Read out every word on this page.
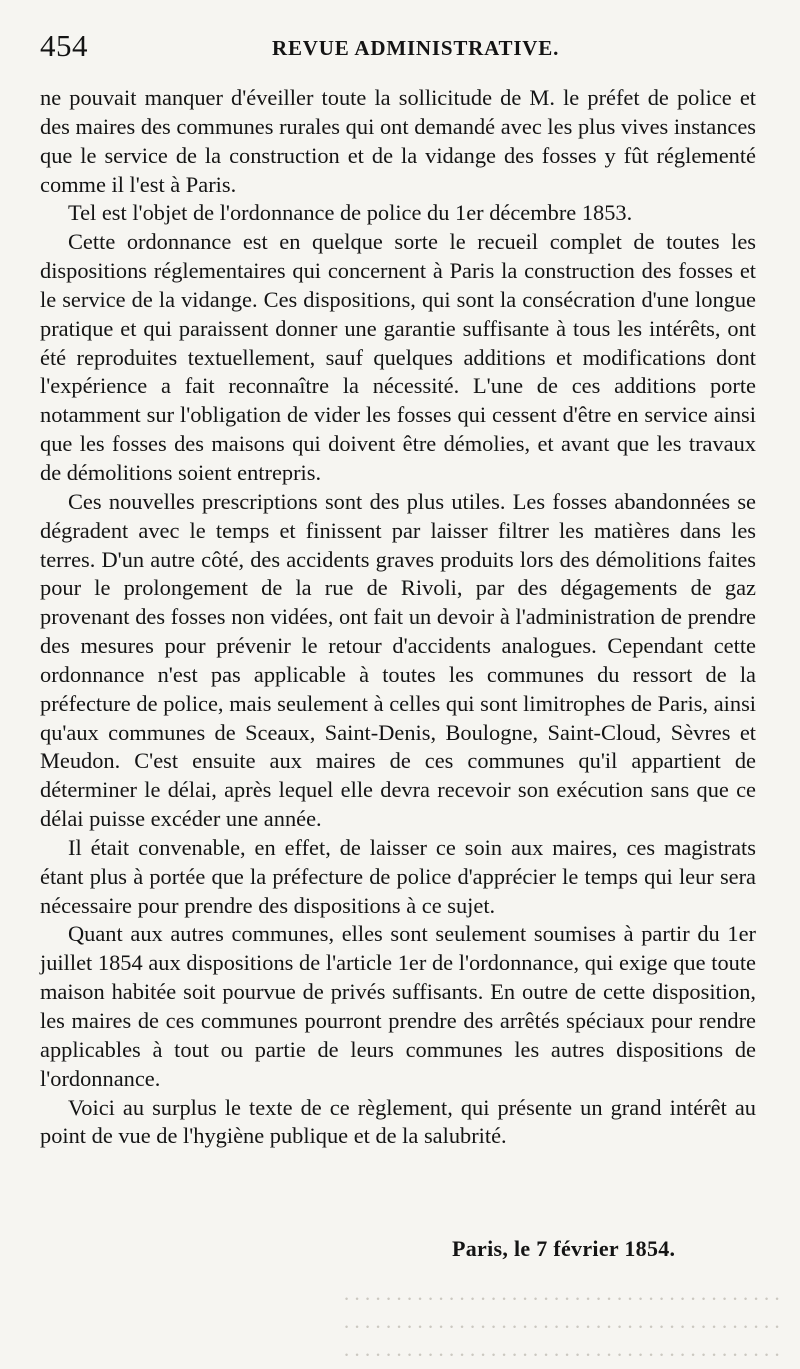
454	REVUE ADMINISTRATIVE.

ne pouvait manquer d'éveiller toute la sollicitude de M. le préfet de police et des maires des communes rurales qui ont demandé avec les plus vives instances que le service de la construction et de la vidange des fosses y fût réglementé comme il l'est à Paris.

Tel est l'objet de l'ordonnance de police du 1er décembre 1853.

Cette ordonnance est en quelque sorte le recueil complet de toutes les dispositions réglementaires qui concernent à Paris la construction des fosses et le service de la vidange. Ces dispositions, qui sont la consécration d'une longue pratique et qui paraissent donner une garantie suffisante à tous les intérêts, ont été reproduites textuellement, sauf quelques additions et modifications dont l'expérience a fait reconnaître la nécessité. L'une de ces additions porte notamment sur l'obligation de vider les fosses qui cessent d'être en service ainsi que les fosses des maisons qui doivent être démolies, et avant que les travaux de démolitions soient entrepris.

Ces nouvelles prescriptions sont des plus utiles. Les fosses abandonnées se dégradent avec le temps et finissent par laisser filtrer les matières dans les terres. D'un autre côté, des accidents graves produits lors des démolitions faites pour le prolongement de la rue de Rivoli, par des dégagements de gaz provenant des fosses non vidées, ont fait un devoir à l'administration de prendre des mesures pour prévenir le retour d'accidents analogues. Cependant cette ordonnance n'est pas applicable à toutes les communes du ressort de la préfecture de police, mais seulement à celles qui sont limitrophes de Paris, ainsi qu'aux communes de Sceaux, Saint-Denis, Boulogne, Saint-Cloud, Sèvres et Meudon. C'est ensuite aux maires de ces communes qu'il appartient de déterminer le délai, après lequel elle devra recevoir son exécution sans que ce délai puisse excéder une année.

Il était convenable, en effet, de laisser ce soin aux maires, ces magistrats étant plus à portée que la préfecture de police d'apprécier le temps qui leur sera nécessaire pour prendre des dispositions à ce sujet.

Quant aux autres communes, elles sont seulement soumises à partir du 1er juillet 1854 aux dispositions de l'article 1er de l'ordonnance, qui exige que toute maison habitée soit pourvue de privés suffisants. En outre de cette disposition, les maires de ces communes pourront prendre des arrêtés spéciaux pour rendre applicables à tout ou partie de leurs communes les autres dispositions de l'ordonnance.

Voici au surplus le texte de ce règlement, qui présente un grand intérêt au point de vue de l'hygiène publique et de la salubrité.

Paris, le 7 février 1854.
· · · · · · · · · · · · · · · · · · · · · · · · · · · · · · · · · · · · · · · · · ·
· · · · · · · · · · · · · · · · · · · · · · · · · · · · · · · · · · · · · · · · · ·
· · · · · · · · · · · · · · · · · · · · · · · · · · · · · · · · · · · · · · · · · ·
